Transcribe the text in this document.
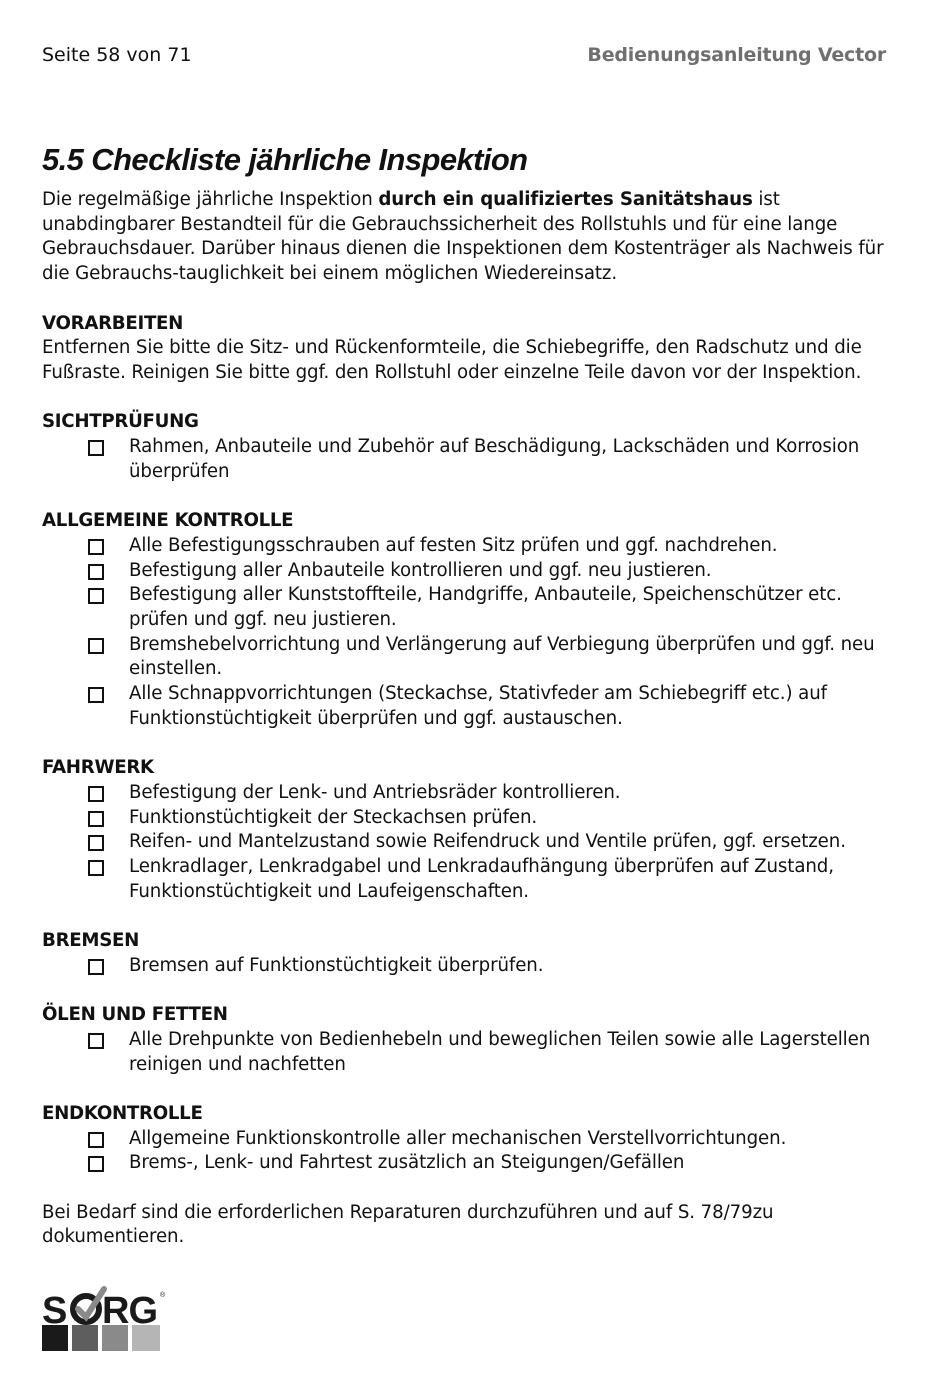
Seite 58 von 71	Bedienungsanleitung Vector
5.5 Checkliste jährliche Inspektion

Die regelmäßige jährliche Inspektion durch ein qualifiziertes Sanitätshaus ist unabdingbarer Bestandteil für die Gebrauchssicherheit des Rollstuhls und für eine lange Gebrauchsdauer. Darüber hinaus dienen die Inspektionen dem Kostenträger als Nachweis für die Gebrauchs-tauglichkeit bei einem möglichen Wiedereinsatz.

VORARBEITEN

Entfernen Sie bitte die Sitz- und Rückenformteile, die Schiebegriffe, den Radschutz und die Fußraste. Reinigen Sie bitte ggf. den Rollstuhl oder einzelne Teile davon vor der Inspektion.

SICHTPRÜFUNG
Rahmen, Anbauteile und Zubehör auf Beschädigung, Lackschäden und Korrosion überprüfen
ALLGEMEINE KONTROLLE
Alle Befestigungsschrauben auf festen Sitz prüfen und ggf. nachdrehen.
Befestigung aller Anbauteile kontrollieren und ggf. neu justieren.
Befestigung aller Kunststoffteile, Handgriffe, Anbauteile, Speichenschützer etc. prüfen und ggf. neu justieren.
Bremshebelvorrichtung und Verlängerung auf Verbiegung überprüfen und ggf. neu einstellen.
Alle Schnappvorrichtungen (Steckachse, Stativfeder am Schiebegriff etc.) auf Funktionstüchtigkeit überprüfen und ggf. austauschen.
FAHRWERK
Befestigung der Lenk- und Antriebsräder kontrollieren.
Funktionstüchtigkeit der Steckachsen prüfen.
Reifen- und Mantelzustand sowie Reifendruck und Ventile prüfen, ggf. ersetzen.
Lenkradlager, Lenkradgabel und Lenkradaufhängung überprüfen auf Zustand, Funktionstüchtigkeit und Laufeigenschaften.
BREMSEN
Bremsen auf Funktionstüchtigkeit überprüfen.
ÖLEN UND FETTEN
Alle Drehpunkte von Bedienhebeln und beweglichen Teilen sowie alle Lagerstellen reinigen und nachfetten
ENDKONTROLLE
Allgemeine Funktionskontrolle aller mechanischen Verstellvorrichtungen.
Brems-, Lenk- und Fahrtest zusätzlich an Steigungen/Gefällen

Bei Bedarf sind die erforderlichen Reparaturen durchzuführen und auf S. 78/79zu dokumentieren.

S RG ®
